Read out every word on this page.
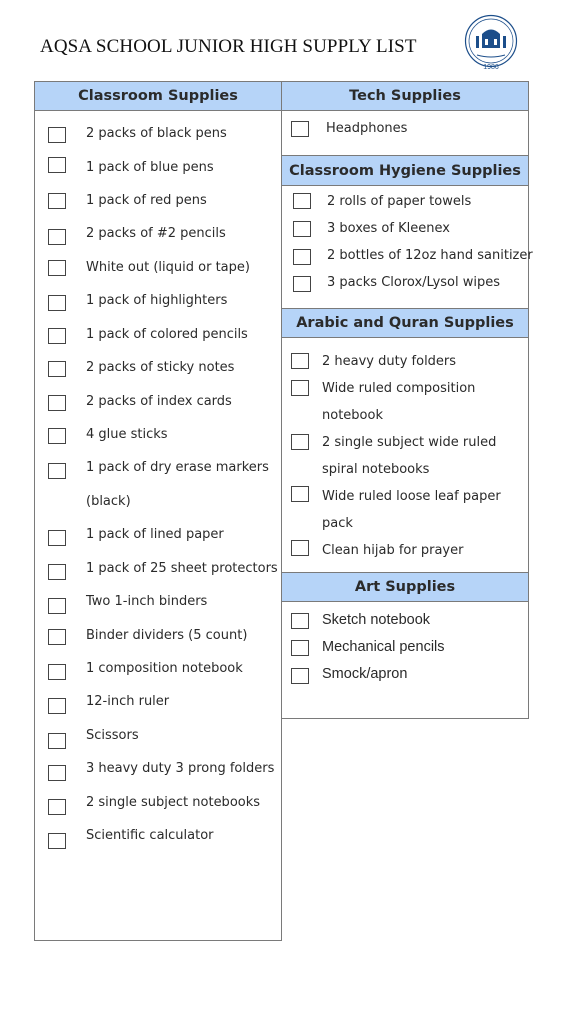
AQSA SCHOOL JUNIOR HIGH SUPPLY LIST
1986
Classroom Supplies
2 packs of black pens
1 pack of blue pens
1 pack of red pens
2 packs of #2 pencils
White out (liquid or tape)
1 pack of highlighters
1 pack of colored pencils
2 packs of sticky notes
2 packs of index cards
4 glue sticks
1 pack of dry erase markers
(black)
1 pack of lined paper
1 pack of 25 sheet protectors
Two 1-inch binders
Binder dividers (5 count)
1 composition notebook
12-inch ruler
Scissors
3 heavy duty 3 prong folders
2 single subject notebooks
Scientific calculator
Tech Supplies
Headphones
Classroom Hygiene Supplies
2 rolls of paper towels
3 boxes of Kleenex
2 bottles of 12oz hand sanitizer
3 packs Clorox/Lysol wipes
Arabic and Quran Supplies
2 heavy duty folders
Wide ruled composition
notebook
2 single subject wide ruled
spiral notebooks
Wide ruled loose leaf paper
pack
Clean hijab for prayer
Art Supplies
Sketch notebook
Mechanical pencils
Smock/apron
